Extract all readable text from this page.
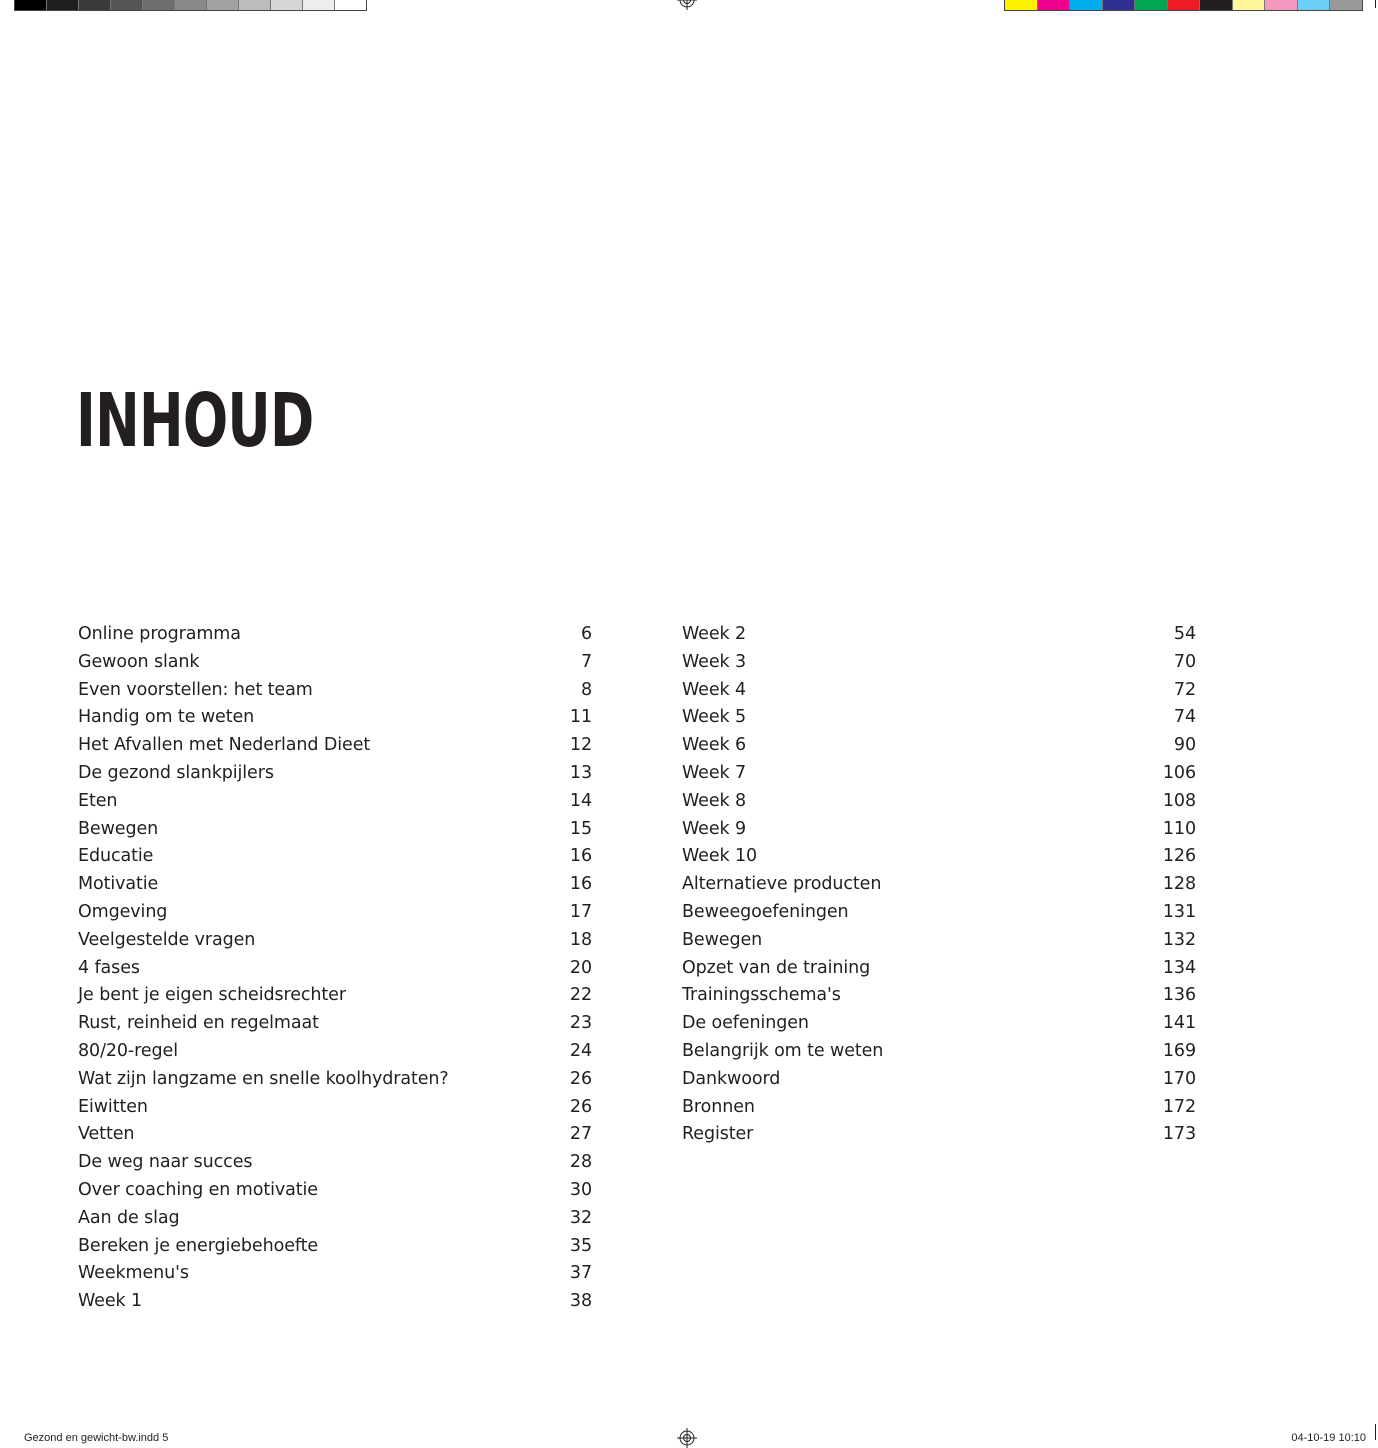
INHOUD
Online programma	6
Gewoon slank	7
Even voorstellen: het team	8
Handig om te weten	11
Het Afvallen met Nederland Dieet	12
De gezond slankpijlers	13
Eten	14
Bewegen	15
Educatie	16
Motivatie	16
Omgeving	17
Veelgestelde vragen	18
4 fases	20
Je bent je eigen scheidsrechter	22
Rust, reinheid en regelmaat	23
80/20-regel	24
Wat zijn langzame en snelle koolhydraten?	26
Eiwitten	26
Vetten	27
De weg naar succes	28
Over coaching en motivatie	30
Aan de slag	32
Bereken je energiebehoefte	35
Weekmenu's	37
Week 1	38
Week 2	54
Week 3	70
Week 4	72
Week 5	74
Week 6	90
Week 7	106
Week 8	108
Week 9	110
Week 10	126
Alternatieve producten	128
Beweegoefeningen	131
Bewegen	132
Opzet van de training	134
Trainingsschema's	136
De oefeningen	141
Belangrijk om te weten	169
Dankwoord	170
Bronnen	172
Register	173
Gezond en gewicht-bw.indd 5	04-10-19 10:10
